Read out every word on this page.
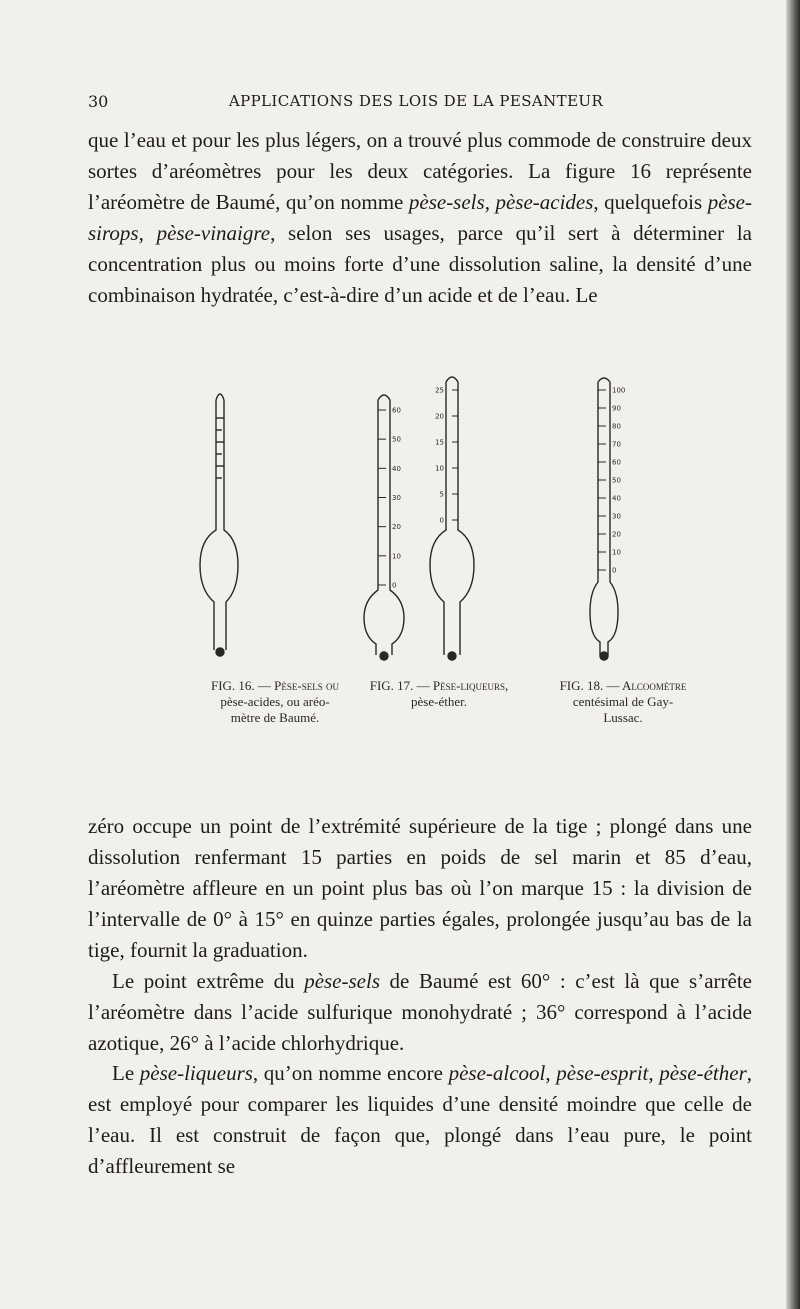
30	APPLICATIONS DES LOIS DE LA PESANTEUR

que l’eau et pour les plus légers, on a trouvé plus commode de construire deux sortes d’aréomètres pour les deux catégories. La figure 16 représente l’aréomètre de Baumé, qu’on nomme pèse-sels, pèse-acides, quelquefois pèse-sirops, pèse-vinaigre, selon ses usages, parce qu’il sert à déterminer la concentration plus ou moins forte d’une dissolution saline, la densité d’une combinaison hydratée, c’est-à-dire d’un acide et de l’eau. Le

60
50
40
30
20
10
0
25
20
15
10
5
0
100
90
80
70
60
50
40
30
20
10
0
FIG. 16. — Pèse-sels ou
pèse-acides, ou aréo-
mètre de Baumé.
FIG. 17. — Pèse-liqueurs,
pèse-éther.
FIG. 18. — Alcoomètre
centésimal de Gay-
Lussac.

zéro occupe un point de l’extrémité supérieure de la tige ; plongé dans une dissolution renfermant 15 parties en poids de sel marin et 85 d’eau, l’aréomètre affleure en un point plus bas où l’on marque 15 : la division de l’intervalle de 0° à 15° en quinze parties égales, prolongée jusqu’au bas de la tige, fournit la graduation.

Le point extrême du pèse-sels de Baumé est 60° : c’est là que s’arrête l’aréomètre dans l’acide sulfurique monohydraté ; 36° correspond à l’acide azotique, 26° à l’acide chlorhydrique.

Le pèse-liqueurs, qu’on nomme encore pèse-alcool, pèse-esprit, pèse-éther, est employé pour comparer les liquides d’une densité moindre que celle de l’eau. Il est construit de façon que, plongé dans l’eau pure, le point d’affleurement se
